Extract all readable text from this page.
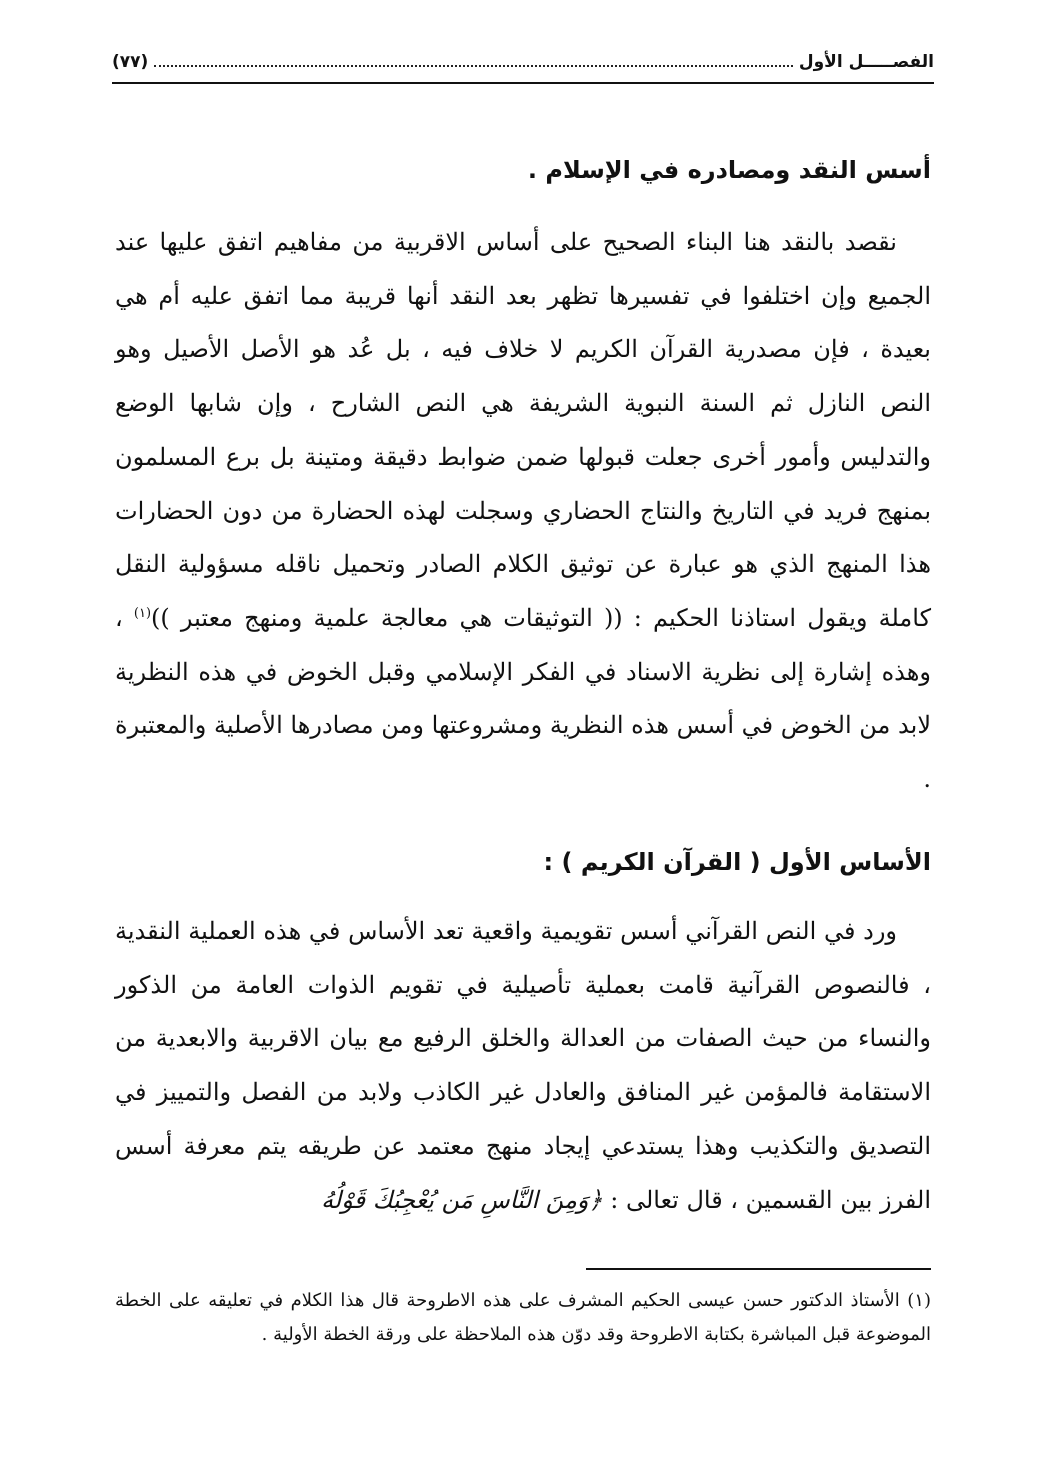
الفصـــــل الأول
(٧٧)
أسس النقد ومصادره في الإسلام .

نقصد بالنقد هنا البناء الصحيح على أساس الاقربية من مفاهيم اتفق عليها عند الجميع وإن اختلفوا في تفسيرها تظهر بعد النقد أنها قريبة مما اتفق عليه أم هي بعيدة ، فإن مصدرية القرآن الكريم لا خلاف فيه ، بل عُد هو الأصل الأصيل وهو النص النازل ثم السنة النبوية الشريفة هي النص الشارح ، وإن شابها الوضع والتدليس وأمور أخرى جعلت قبولها ضمن ضوابط دقيقة ومتينة بل برع المسلمون بمنهج فريد في التاريخ والنتاج الحضاري وسجلت لهذه الحضارة من دون الحضارات هذا المنهج الذي هو عبارة عن توثيق الكلام الصادر وتحميل ناقله مسؤولية النقل كاملة ويقول استاذنا الحكيم : (( التوثيقات هي معالجة علمية ومنهج معتبر ))$^{(١)}$ ، وهذه إشارة إلى نظرية الاسناد في الفكر الإسلامي وقبل الخوض في هذه النظرية لابد من الخوض في أسس هذه النظرية ومشروعتها ومن مصادرها الأصلية والمعتبرة .

الأساس الأول ( القرآن الكريم ) :

ورد في النص القرآني أسس تقويمية واقعية تعد الأساس في هذه العملية النقدية ، فالنصوص القرآنية قامت بعملية تأصيلية في تقويم الذوات العامة من الذكور والنساء من حيث الصفات من العدالة والخلق الرفيع مع بيان الاقربية والابعدية من الاستقامة فالمؤمن غير المنافق والعادل غير الكاذب ولابد من الفصل والتمييز في التصديق والتكذيب وهذا يستدعي إيجاد منهج معتمد عن طريقه يتم معرفة أسس الفرز بين القسمين ، قال تعالى : ﴿وَمِنَ النَّاسِ مَن يُعْجِبُكَ قَوْلُهُ

(١) الأستاذ الدكتور حسن عيسى الحكيم المشرف على هذه الاطروحة قال هذا الكلام في تعليقه على الخطة الموضوعة قبل المباشرة بكتابة الاطروحة وقد دوّن هذه الملاحظة على ورقة الخطة الأولية .
